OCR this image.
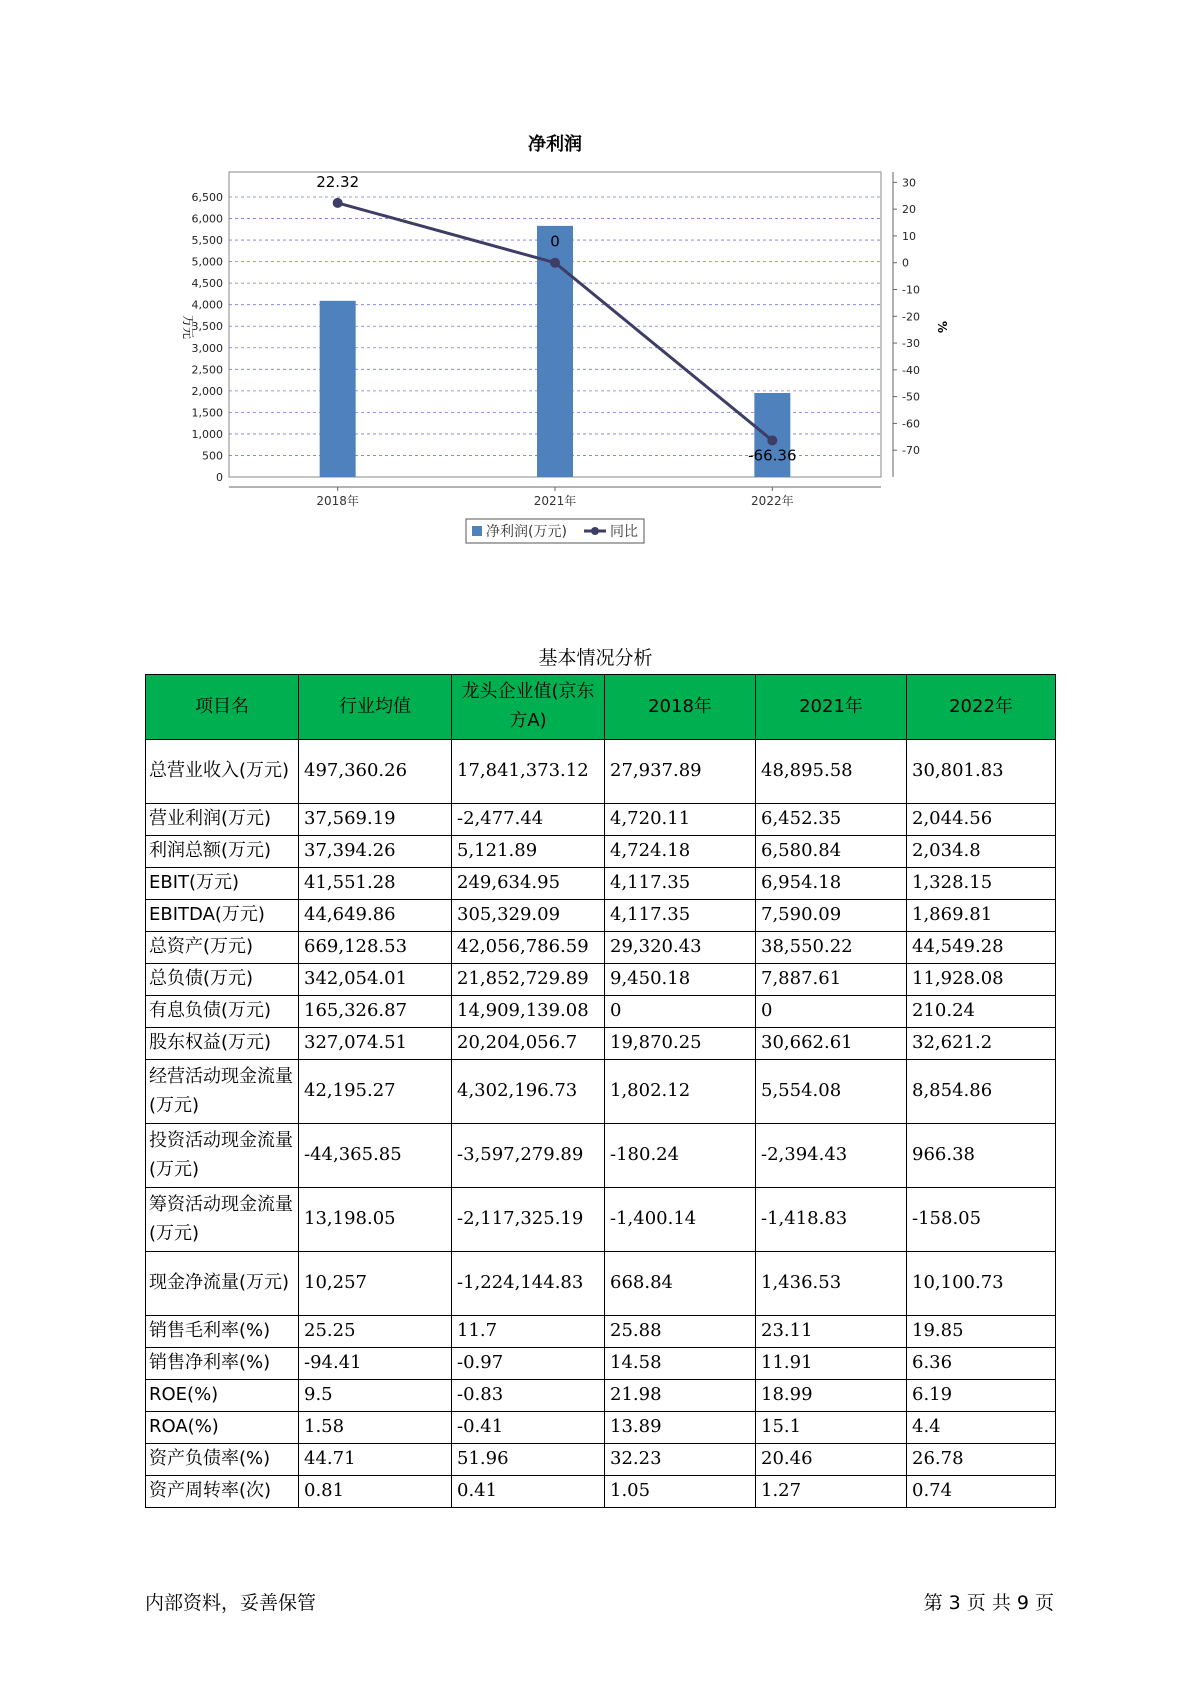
净利润
0
500
1,000
1,500
2,000
2,500
3,000
3,500
4,000
4,500
5,000
5,500
6,000
6,500
万元
30
20
10
0
-10
-20
-30
-40
-50
-60
-70
%
2018年	2021年	2022年
22.32
0
-66.36
净利润(万元)	同比
基本情况分析
项目名	行业均值	龙头企业值(京东方A)	2018年	2021年	2022年
总营业收入(万元)	497,360.26	17,841,373.12	27,937.89	48,895.58	30,801.83
营业利润(万元)	37,569.19	-2,477.44	4,720.11	6,452.35	2,044.56
利润总额(万元)	37,394.26	5,121.89	4,724.18	6,580.84	2,034.8
EBIT(万元)	41,551.28	249,634.95	4,117.35	6,954.18	1,328.15
EBITDA(万元)	44,649.86	305,329.09	4,117.35	7,590.09	1,869.81
总资产(万元)	669,128.53	42,056,786.59	29,320.43	38,550.22	44,549.28
总负债(万元)	342,054.01	21,852,729.89	9,450.18	7,887.61	11,928.08
有息负债(万元)	165,326.87	14,909,139.08	0	0	210.24
股东权益(万元)	327,074.51	20,204,056.7	19,870.25	30,662.61	32,621.2
经营活动现金流量(万元)	42,195.27	4,302,196.73	1,802.12	5,554.08	8,854.86
投资活动现金流量(万元)	-44,365.85	-3,597,279.89	-180.24	-2,394.43	966.38
筹资活动现金流量(万元)	13,198.05	-2,117,325.19	-1,400.14	-1,418.83	-158.05
现金净流量(万元)	10,257	-1,224,144.83	668.84	1,436.53	10,100.73
销售毛利率(%)	25.25	11.7	25.88	23.11	19.85
销售净利率(%)	-94.41	-0.97	14.58	11.91	6.36
ROE(%)	9.5	-0.83	21.98	18.99	6.19
ROA(%)	1.58	-0.41	13.89	15.1	4.4
资产负债率(%)	44.71	51.96	32.23	20.46	26.78
资产周转率(次)	0.81	0.41	1.05	1.27	0.74
内部资料，妥善保管	第 3 页 共 9 页
